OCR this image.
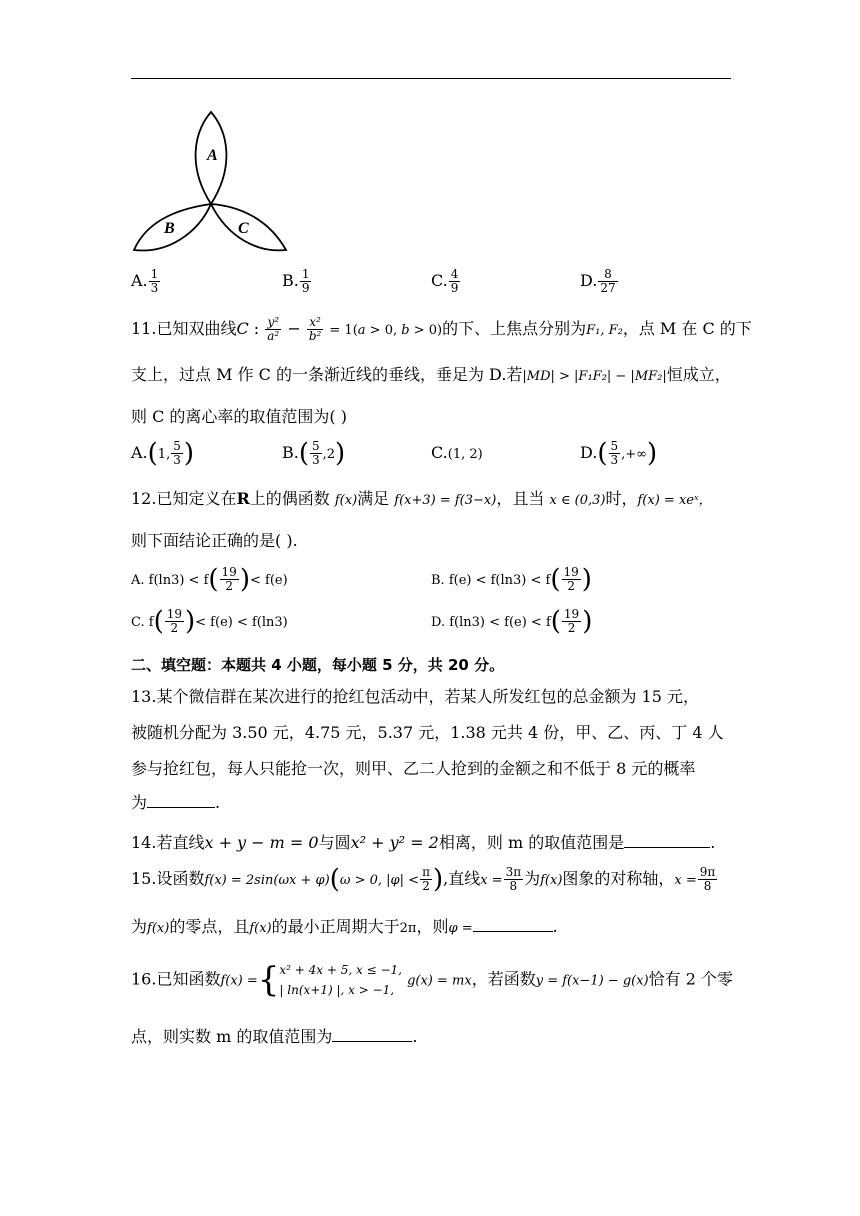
A
B	C
A. $\frac{1}{3}$	B. $\frac{1}{9}$	C. $\frac{4}{9}$	D. $\frac{8}{27}$
11.已知双曲线C : $\frac{\text{y²}}{\text{a²}} - \frac{\text{x²}}{\text{b²}} = 1(a > 0$, b > 0)的下、上焦点分别为F₁, F₂，点 M 在 C 的下
支上，过点 M 作 C 的一条渐近线的垂线，垂足为 D.若|MD| > |F₁F₂| − |MF₂|恒成立，
则 C 的离心率的取值范围为( )
A.(1, $\frac{5}{3}$ )	$B.( \frac{5}{3} ,2)$	C.(1, 2)	$D.( \frac{5}{3}$ ,+∞)
12.已知定义在R上的偶函数 f(x)满足 f(x+3) = f(3−x)，且当 x ∈ (0,3)时，f(x) = xeˣ，
则下面结论正确的是( ).
A. $f(\ln 3) < f( \frac{19}{2}$ )< f(e)	B. $f(e) < f(\ln 3) < f( \frac{19}{2}$ )
C. $f( \frac{19}{2}$ )< f(e) < f(ln3)	D. $f(\ln 3) < f(e) < f( \frac{19}{2}$ )
二、填空题：本题共 4 小题，每小题 5 分，共 20 分。
13.某个微信群在某次进行的抢红包活动中，若某人所发红包的总金额为 15 元，
被随机分配为 3.50 元，4.75 元，5.37 元，1.38 元共 4 份，甲、乙、丙、丁 4 人
参与抢红包，每人只能抢一次，则甲、乙二人抢到的金额之和不低于 8 元的概率
为	.
14.若直线x + y − m = 0与圆x² + y² = 2相离，则 m 的取值范围是	.
15.设函数f(x) = 2sin(ωx + φ)(ω > 0, $|\varphi| < \frac{\pi}{2}$ ),直线$x = \frac{3\pi}{8}$ 为f(x)图象的对称轴，$x = \frac{9\pi}{8}$
为f(x)的零点，且f(x)的最小正周期大于2π，则φ =	.
16.已知函数f(x) ={ x² + 4x + 5, x ≤ −1,
| ln(x+1) |, x > −1,
g(x) = mx，若函数y = f(x−1) − g(x)恰有 2 个零
点，则实数 m 的取值范围为	.
